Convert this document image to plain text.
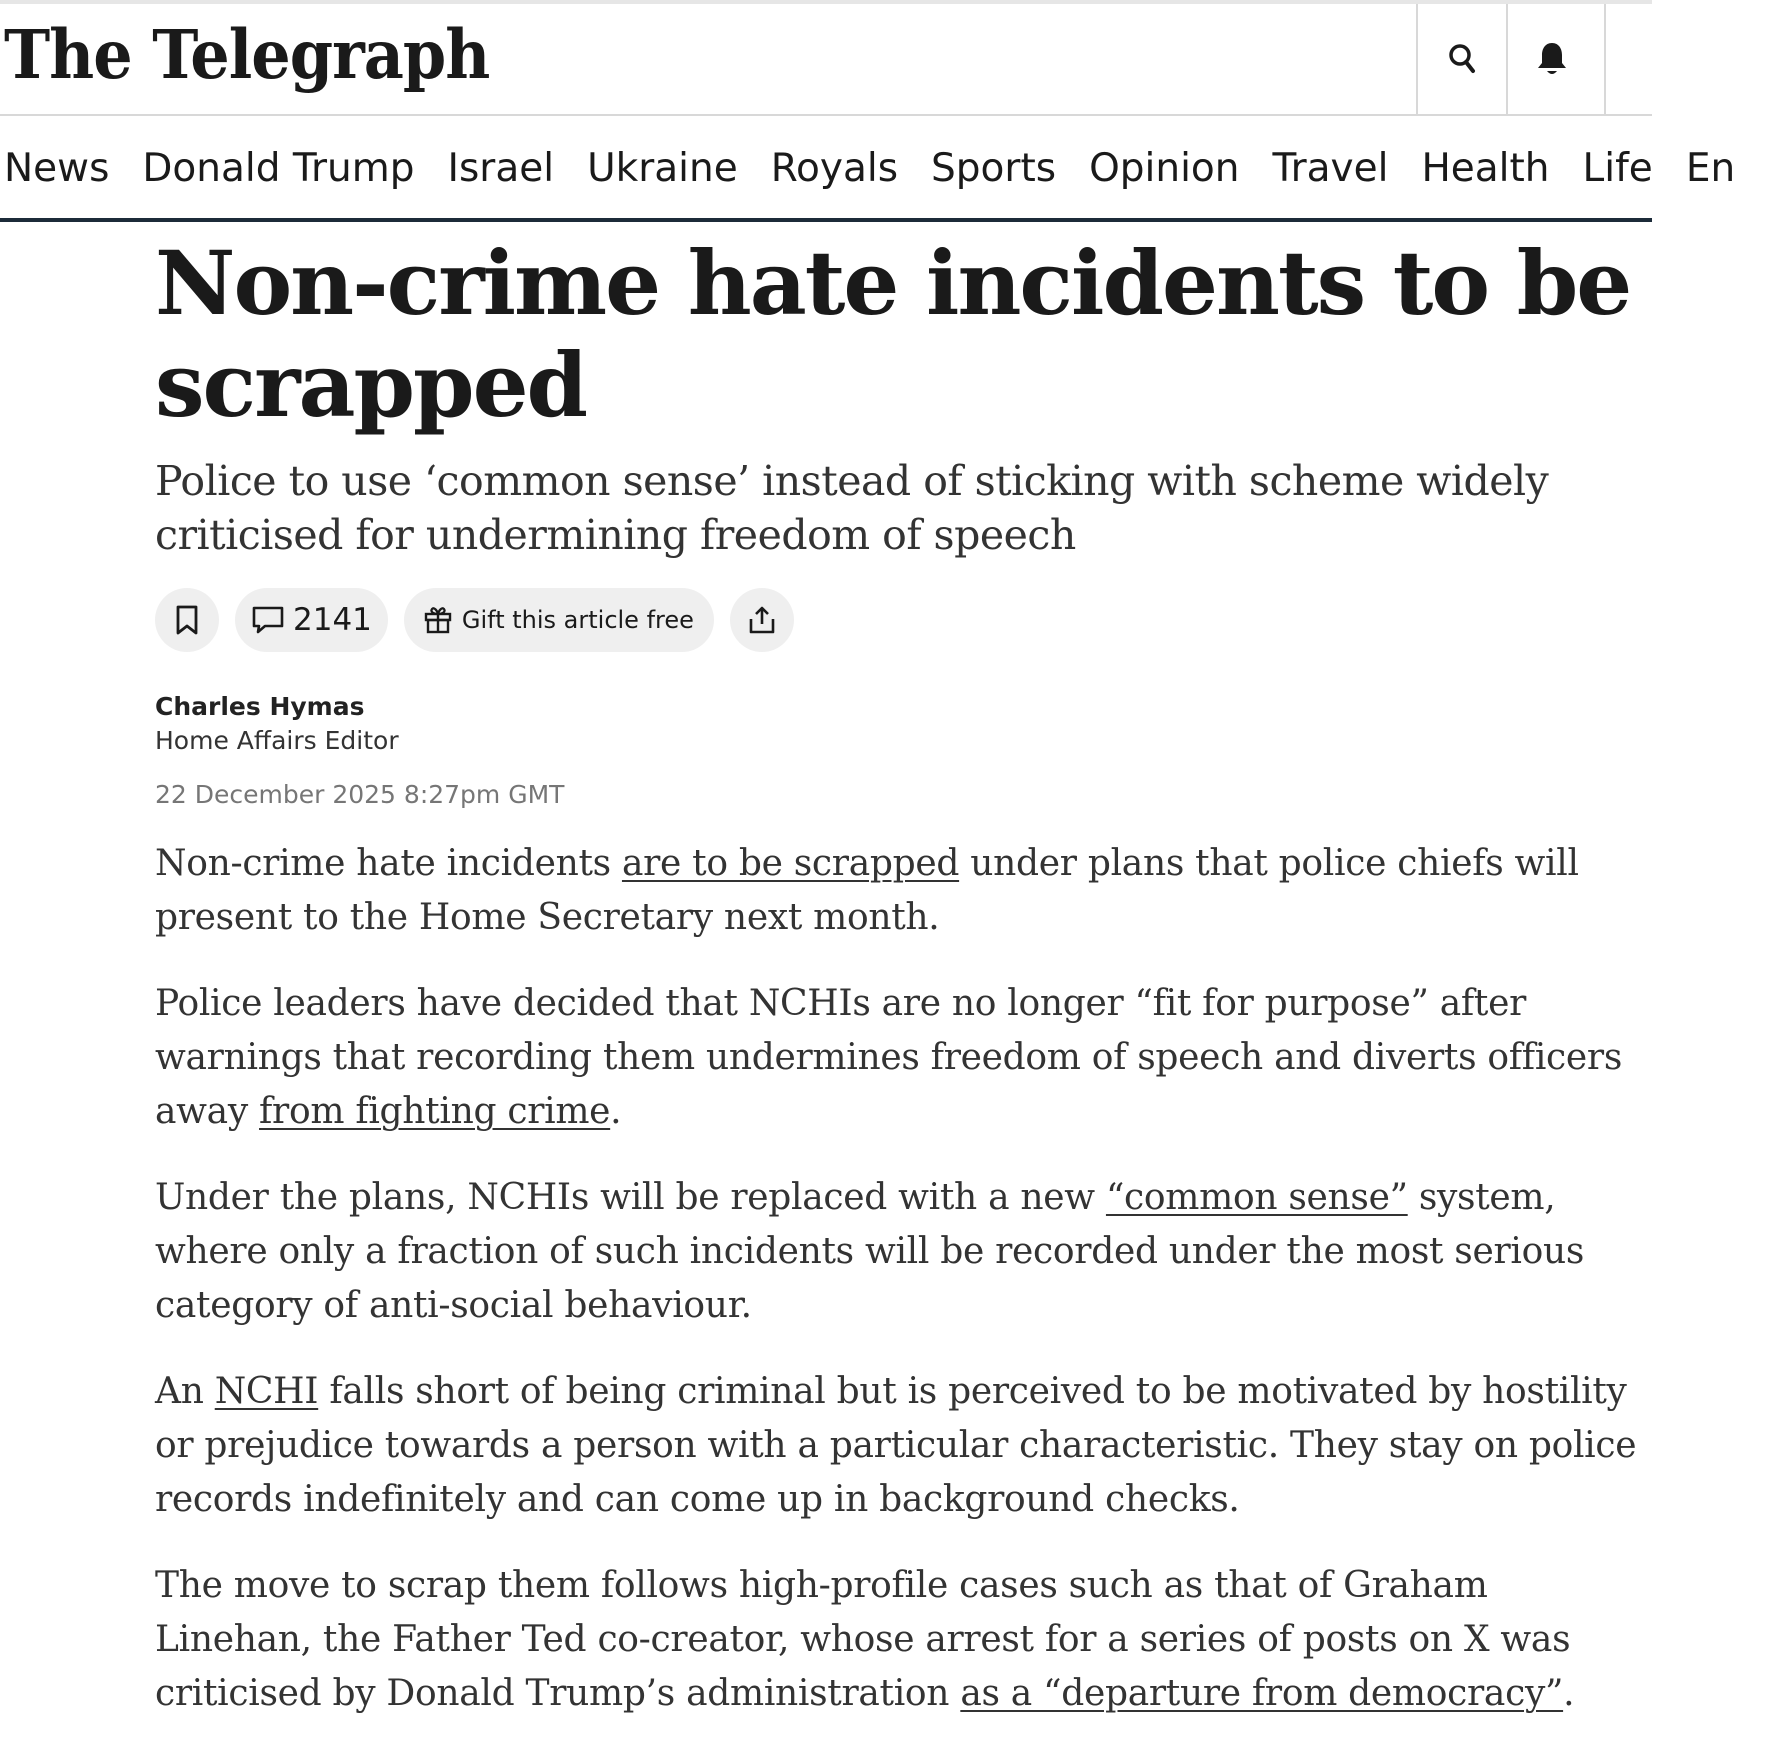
The Telegraph
News Donald Trump Israel Ukraine Royals Sports Opinion Travel Health Life En
Non-crime hate incidents to be scrapped

Police to use ‘common sense’ instead of sticking with scheme widely criticised for undermining freedom of speech

2141	Gift this article free
Charles Hymas
Home Affairs Editor
22 December 2025 8:27pm GMT

Non-crime hate incidents are to be scrapped under plans that police chiefs will present to the Home Secretary next month.

Police leaders have decided that NCHIs are no longer “fit for purpose” after warnings that recording them undermines freedom of speech and diverts officers away from fighting crime.

Under the plans, NCHIs will be replaced with a new “common sense” system, where only a fraction of such incidents will be recorded under the most serious category of anti-social behaviour.

An NCHI falls short of being criminal but is perceived to be motivated by hostility or prejudice towards a person with a particular characteristic. They stay on police records indefinitely and can come up in background checks.

The move to scrap them follows high-profile cases such as that of Graham Linehan, the Father Ted co-creator, whose arrest for a series of posts on X was criticised by Donald Trump’s administration as a “departure from democracy”.
